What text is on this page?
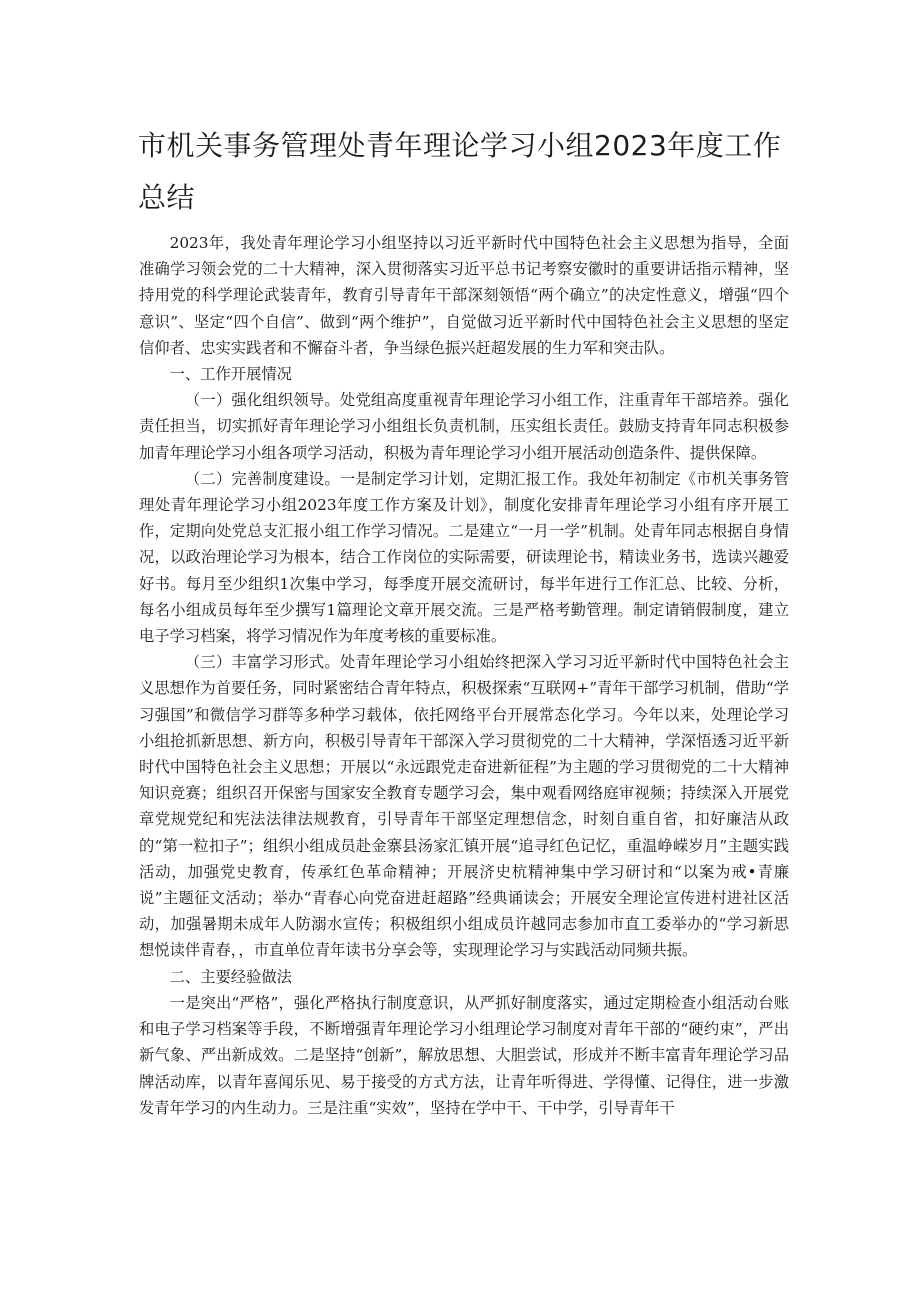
市机关事务管理处青年理论学习小组2023年度工作总结

2023年，我处青年理论学习小组坚持以习近平新时代中国特色社会主义思想为指导，全面准确学习领会党的二十大精神，深入贯彻落实习近平总书记考察安徽时的重要讲话指示精神，坚持用党的科学理论武装青年，教育引导青年干部深刻领悟“两个确立”的决定性意义，增强“四个意识”、坚定“四个自信”、做到“两个维护”，自觉做习近平新时代中国特色社会主义思想的坚定信仰者、忠实实践者和不懈奋斗者，争当绿色振兴赶超发展的生力军和突击队。

一、工作开展情况

（一）强化组织领导。处党组高度重视青年理论学习小组工作，注重青年干部培养。强化责任担当，切实抓好青年理论学习小组组长负责机制，压实组长责任。鼓励支持青年同志积极参加青年理论学习小组各项学习活动，积极为青年理论学习小组开展活动创造条件、提供保障。

（二）完善制度建设。一是制定学习计划，定期汇报工作。我处年初制定《市机关事务管理处青年理论学习小组2023年度工作方案及计划》，制度化安排青年理论学习小组有序开展工作，定期向处党总支汇报小组工作学习情况。二是建立“一月一学”机制。处青年同志根据自身情况，以政治理论学习为根本，结合工作岗位的实际需要，研读理论书，精读业务书，选读兴趣爱好书。每月至少组织1次集中学习，每季度开展交流研讨，每半年进行工作汇总、比较、分析，每名小组成员每年至少撰写1篇理论文章开展交流。三是严格考勤管理。制定请销假制度，建立电子学习档案，将学习情况作为年度考核的重要标准。

（三）丰富学习形式。处青年理论学习小组始终把深入学习习近平新时代中国特色社会主义思想作为首要任务，同时紧密结合青年特点，积极探索“互联网+”青年干部学习机制，借助“学习强国”和微信学习群等多种学习载体，依托网络平台开展常态化学习。今年以来，处理论学习小组抢抓新思想、新方向，积极引导青年干部深入学习贯彻党的二十大精神，学深悟透习近平新时代中国特色社会主义思想；开展以“永远跟党走奋进新征程”为主题的学习贯彻党的二十大精神知识竞赛；组织召开保密与国家安全教育专题学习会，集中观看网络庭审视频；持续深入开展党章党规党纪和宪法法律法规教育，引导青年干部坚定理想信念，时刻自重自省，扣好廉洁从政的“第一粒扣子”；组织小组成员赴金寨县汤家汇镇开展“追寻红色记忆，重温峥嵘岁月”主题实践活动，加强党史教育，传承红色革命精神；开展济史杭精神集中学习研讨和“以案为戒•青廉说”主题征文活动；举办“青春心向党奋进赶超路”经典诵读会；开展安全理论宣传进村进社区活动，加强暑期未成年人防溺水宣传；积极组织小组成员许越同志参加市直工委举办的“学习新思想悦读伴青春，，市直单位青年读书分享会等，实现理论学习与实践活动同频共振。

二、主要经验做法

一是突出“严格”，强化严格执行制度意识，从严抓好制度落实，通过定期检查小组活动台账和电子学习档案等手段，不断增强青年理论学习小组理论学习制度对青年干部的“硬约束”，严出新气象、严出新成效。二是坚持“创新”，解放思想、大胆尝试，形成并不断丰富青年理论学习品牌活动库，以青年喜闻乐见、易于接受的方式方法，让青年听得进、学得懂、记得住，进一步激发青年学习的内生动力。三是注重“实效”，坚持在学中干、干中学，引导青年干
